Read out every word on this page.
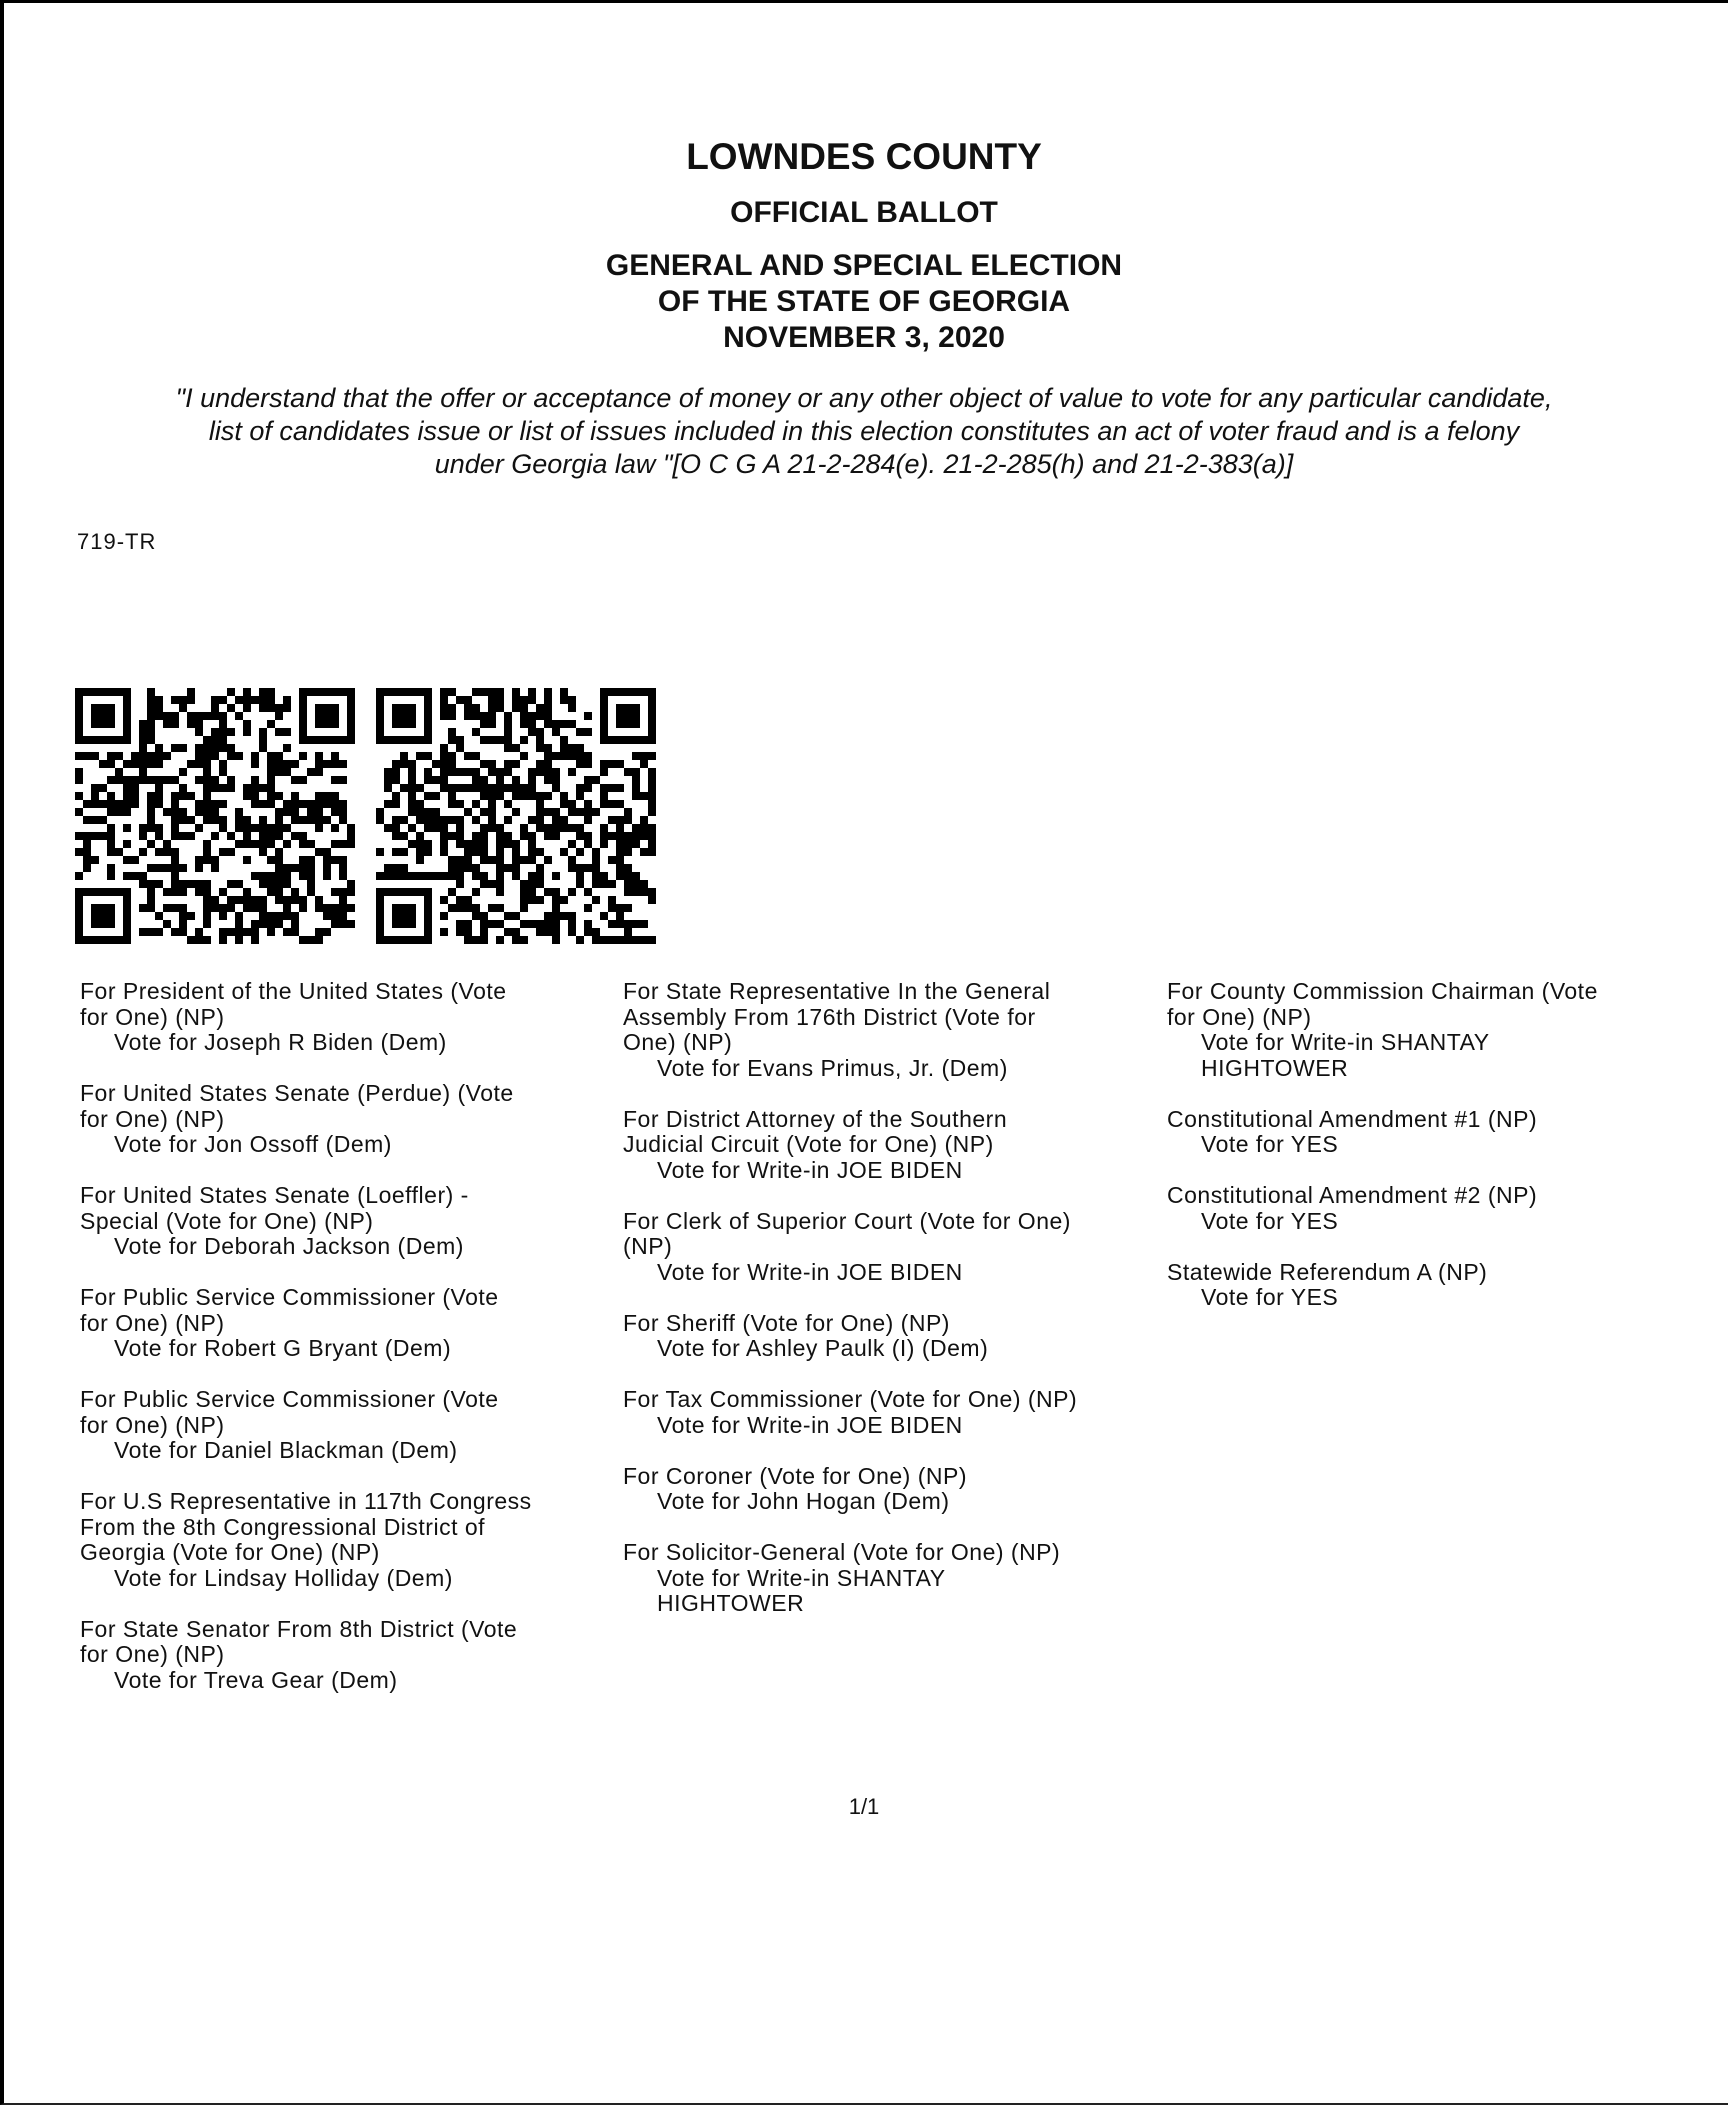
LOWNDES COUNTY
OFFICIAL BALLOT
GENERAL AND SPECIAL ELECTION
OF THE STATE OF GEORGIA
NOVEMBER 3, 2020
"I understand that the offer or acceptance of money or any other object of value to vote for any particular candidate,
list of candidates issue or list of issues included in this election constitutes an act of voter fraud and is a felony
under Georgia law "[O C G A 21-2-284(e). 21-2-285(h) and 21-2-383(a)]
719-TR
For President of the United States (Vote
for One) (NP)
Vote for Joseph R Biden (Dem)
For United States Senate (Perdue) (Vote
for One) (NP)
Vote for Jon Ossoff (Dem)
For United States Senate (Loeffler) -
Special (Vote for One) (NP)
Vote for Deborah Jackson (Dem)
For Public Service Commissioner (Vote
for One) (NP)
Vote for Robert G Bryant (Dem)
For Public Service Commissioner (Vote
for One) (NP)
Vote for Daniel Blackman (Dem)
For U.S Representative in 117th Congress
From the 8th Congressional District of
Georgia (Vote for One) (NP)
Vote for Lindsay Holliday (Dem)
For State Senator From 8th District (Vote
for One) (NP)
Vote for Treva Gear (Dem)
For State Representative In the General
Assembly From 176th District (Vote for
One) (NP)
Vote for Evans Primus, Jr. (Dem)
For District Attorney of the Southern
Judicial Circuit (Vote for One) (NP)
Vote for Write-in JOE BIDEN
For Clerk of Superior Court (Vote for One)
(NP)
Vote for Write-in JOE BIDEN
For Sheriff (Vote for One) (NP)
Vote for Ashley Paulk (I) (Dem)
For Tax Commissioner (Vote for One) (NP)
Vote for Write-in JOE BIDEN
For Coroner (Vote for One) (NP)
Vote for John Hogan (Dem)
For Solicitor-General (Vote for One) (NP)
Vote for Write-in SHANTAY
HIGHTOWER
For County Commission Chairman (Vote
for One) (NP)
Vote for Write-in SHANTAY
HIGHTOWER
Constitutional Amendment #1 (NP)
Vote for YES
Constitutional Amendment #2 (NP)
Vote for YES
Statewide Referendum A (NP)
Vote for YES
1/1
